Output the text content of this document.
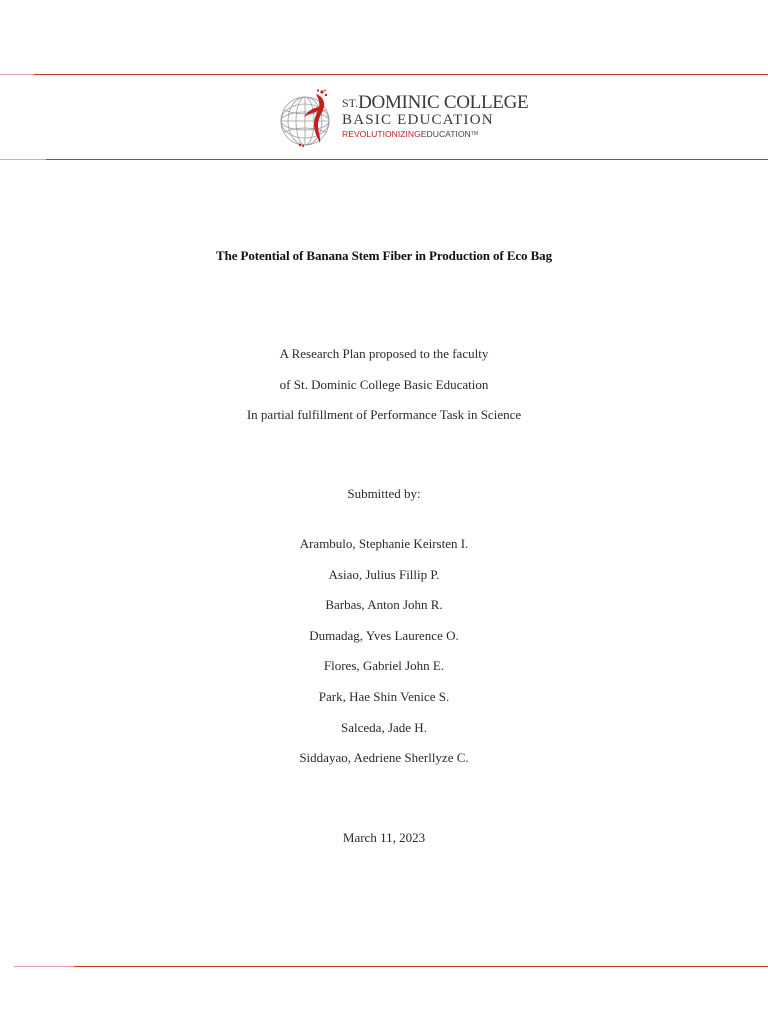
$^{ST.}$DOMINIC COLLEGE
BASIC EDUCATION
REVOLUTIONIZINGEDUCATION™
The Potential of Banana Stem Fiber in Production of Eco Bag
A Research Plan proposed to the faculty
of St. Dominic College Basic Education
In partial fulfillment of Performance Task in Science
Submitted by:
Arambulo, Stephanie Keirsten I.
Asiao, Julius Fillip P.
Barbas, Anton John R.
Dumadag, Yves Laurence O.
Flores, Gabriel John E.
Park, Hae Shin Venice S.
Salceda, Jade H.
Siddayao, Aedriene Sherllyze C.
March 11, 2023
